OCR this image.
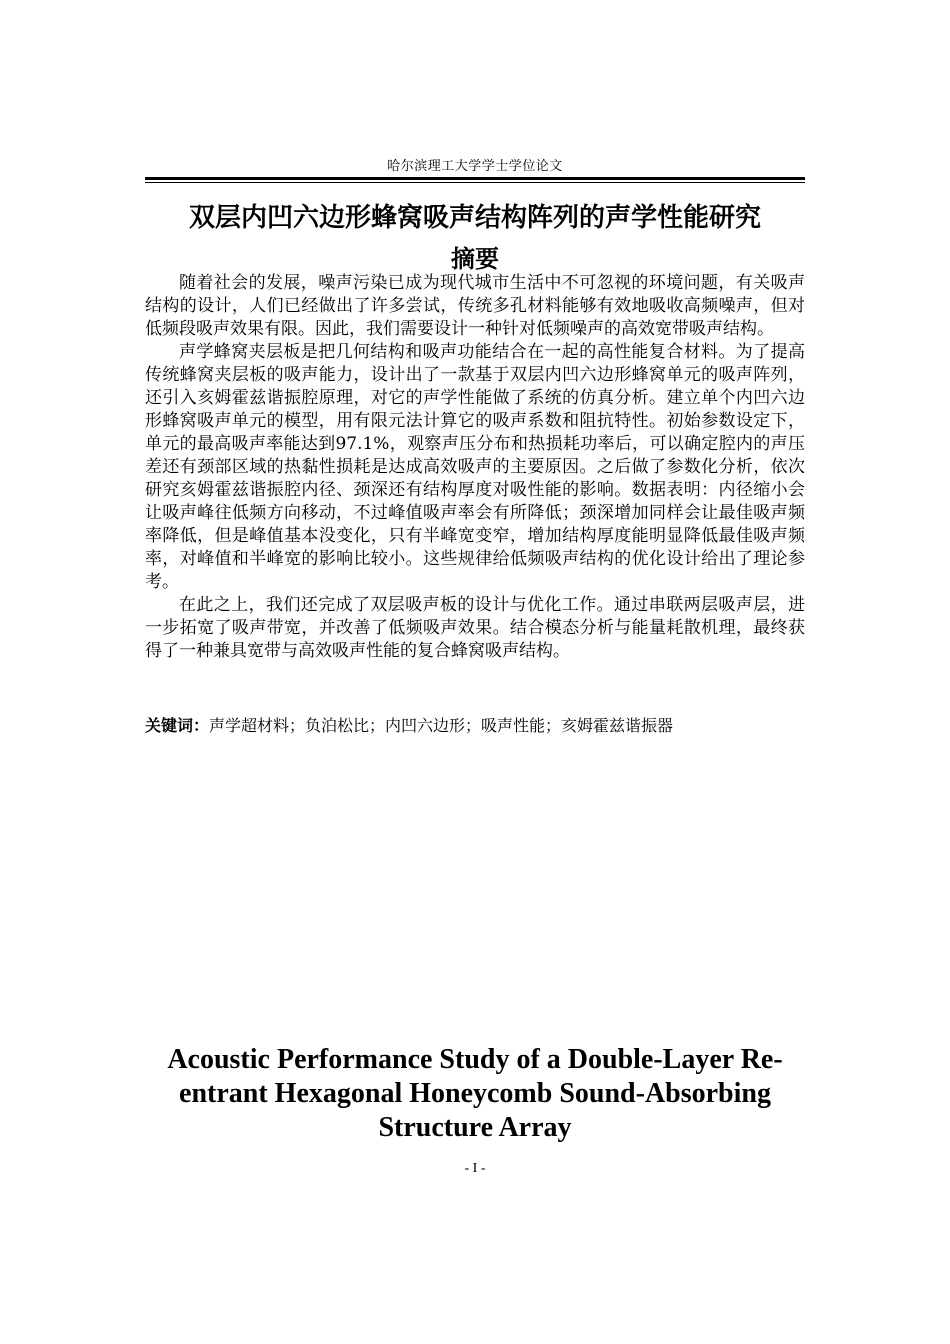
哈尔滨理工大学学士学位论文
双层内凹六边形蜂窝吸声结构阵列的声学性能研究
摘要

随着社会的发展，噪声污染已成为现代城市生活中不可忽视的环境问题，有关吸声结构的设计，人们已经做出了许多尝试，传统多孔材料能够有效地吸收高频噪声，但对低频段吸声效果有限。因此，我们需要设计一种针对低频噪声的高效宽带吸声结构。

声学蜂窝夹层板是把几何结构和吸声功能结合在一起的高性能复合材料。为了提高传统蜂窝夹层板的吸声能力，设计出了一款基于双层内凹六边形蜂窝单元的吸声阵列，还引入亥姆霍兹谐振腔原理，对它的声学性能做了系统的仿真分析。建立单个内凹六边形蜂窝吸声单元的模型，用有限元法计算它的吸声系数和阻抗特性。初始参数设定下，单元的最高吸声率能达到97.1%，观察声压分布和热损耗功率后，可以确定腔内的声压差还有颈部区域的热黏性损耗是达成高效吸声的主要原因。之后做了参数化分析，依次研究亥姆霍兹谐振腔内径、颈深还有结构厚度对吸性能的影响。数据表明：内径缩小会让吸声峰往低频方向移动，不过峰值吸声率会有所降低；颈深增加同样会让最佳吸声频率降低，但是峰值基本没变化，只有半峰宽变窄，增加结构厚度能明显降低最佳吸声频率，对峰值和半峰宽的影响比较小。这些规律给低频吸声结构的优化设计给出了理论参考。

在此之上，我们还完成了双层吸声板的设计与优化工作。通过串联两层吸声层，进一步拓宽了吸声带宽，并改善了低频吸声效果。结合模态分析与能量耗散机理，最终获得了一种兼具宽带与高效吸声性能的复合蜂窝吸声结构。

关键词：声学超材料；负泊松比；内凹六边形；吸声性能；亥姆霍兹谐振器
Acoustic Performance Study of a Double-Layer Re-entrant Hexagonal Honeycomb Sound-Absorbing Structure Array
- I -
